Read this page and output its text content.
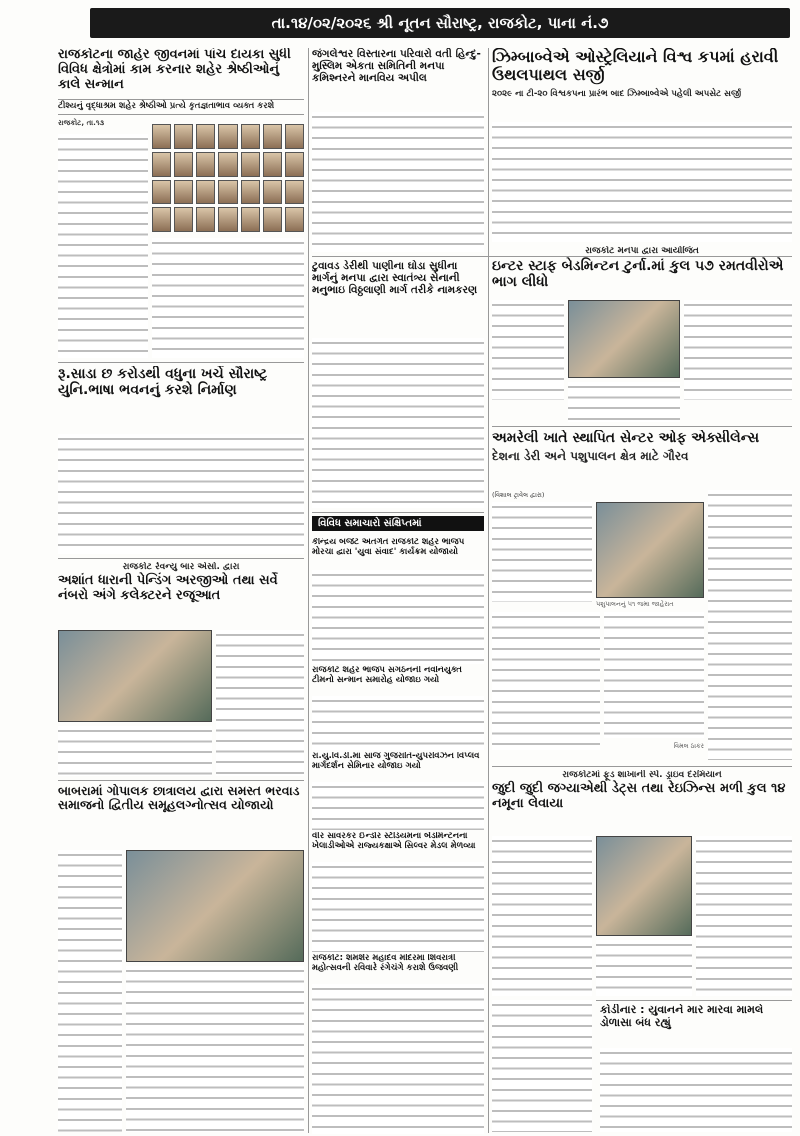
તા.૧૪/૦૨/૨૦૨૬ શ્રી નૂતન સૌરાષ્ટ્ર, રાજકોટ, પાના નં.૭
રાજકોટના જાહેર જીવનમાં પાંચ દાયકા સુધી વિવિધ ક્ષેત્રોમાં કામ કરનાર શહેર શ્રેષ્ઠીઓનું કાલે સન્માન
ટીશ્યનું વૃદ્ધાશ્રમ શહેર શ્રેષ્ઠીઓ પ્રત્યે કૃતજ્ઞતાભાવ વ્યક્ત કરશે
રાજકોટ, તા.૧૩
જંગલેશ્વર વિસ્તારના પરિવારો વતી હિન્દુ-મુસ્લિમ એકતા સમિતિની મનપા કમિશ્નરને માનવિય અપીલ
ઝિમ્બાબ્વેએ ઓસ્ટ્રેલિયાને વિશ્વ કપમાં હરાવી ઉથલપાથલ સર્જી
૨૦૨૯ ના ટી-૨૦ વિશ્વકપના પ્રારંભ બાદ ઝિમ્બાબ્વેએ પહેલી અપસેટ સર્જી
ટુવાવડ ડેરીથી પાણીના ઘોડા સુધીના માર્ગનું મનપા દ્વારા સ્વાતંત્ર્ય સેનાની મનુભાઇ વિઠ્ઠલાણી માર્ગ તરીકે નામકરણ
રાજકોટ મનપા દ્વારા આયોજિત
ઇન્ટર સ્ટાફ બેડમિન્ટન ટુર્ના.માં કુલ ૫૭ રમતવીરોએ ભાગ લીધો
રૂ.સાડા છ કરોડથી વધુના ખર્ચે સૌરાષ્ટ્ર યુનિ.ભાષા ભવનનું કરશે નિર્માણ
અમરેલી ખાતે સ્થાપિત સેન્ટર ઓફ એક્સીલેન્સ
દેશના ડેરી અને પશુપાલન ક્ષેત્ર માટે ગૌરવ
(વિશાલ ટ્રાવેલ દ્વારા)
પશુપાલનનું ૫૧ જમા જાહેરાત
વિમલ ઠાકર
વિવિધ સમાચારો સંક્ષિપ્તમાં
કેન્દ્રિય બજેટ અંતર્ગત રાજકોટ શહેર ભાજપ મોરચા દ્વારા 'યુવા સંવાદ' કાર્યક્રમ યોજાયો
રાજકોટ શહેર ભાજપ સંગઠનની નવનિયુક્ત ટીમનો સન્માન સમારોહ યોજાઇ ગયો
રા.યુ.વિ.ડી.માં સાંજ ગુજરાતિ-યુપરવિઝન વિપ્લવ માર્ગદર્શન સેમિનાર યોજાઇ ગયો
વીર સાવરકર ઈન્ડોર સ્ટેડિયમના બેડમિન્ટનના ખેલાડીઓએ રાજ્યકક્ષાએ સિલ્વર મેડલ મેળવ્યા
રાજકોટ: શમશેર મહાદેવ મંદિરમાં શિવરાત્રી મહોત્સવની રવિવારે રંગેચંગે કરાશે ઉજવણી
રાજકોટ રેવન્યુ બાર એસો. દ્વારા
અશાંત ધારાની પેન્ડિંગ અરજીઓ તથા સર્વે નંબરો અંગે કલેક્ટરને રજૂઆત
બાબરામાં ગોપાલક છાત્રાલય દ્વારા સમસ્ત ભરવાડ સમાજનો દ્વિતીય સમૂહલગ્નોત્સવ યોજાયો
રાજકોટમાં ફૂડ શાખાની સ્પે. ડ્રાઇવ દરમિયાન
જુદી જુદી જગ્યાએથી ડેટ્સ તથા રેઇઝિન્સ મળી કુલ ૧૪ નમૂના લેવાયા
કોડીનાર : યુવાનને માર મારવા મામલે ડોળાસા બંધ રહ્યું
